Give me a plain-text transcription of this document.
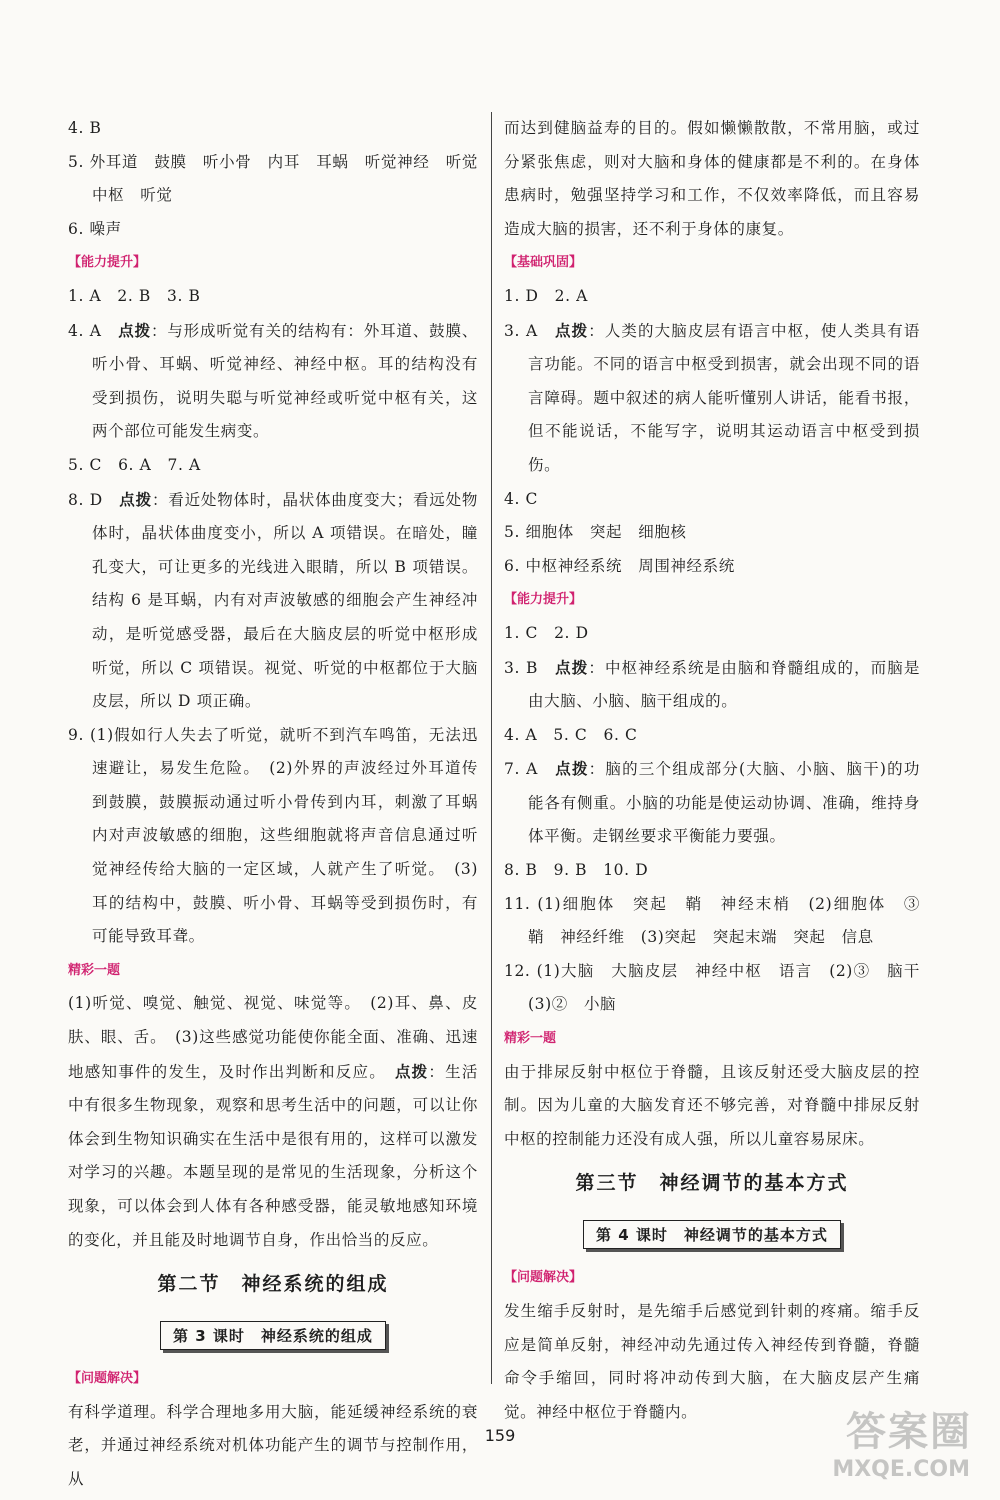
4. B
5. 外耳道　鼓膜　听小骨　内耳　耳蜗　听觉神经　听觉中枢　听觉
6. 噪声
【能力提升】
1. A　2. B　3. B
4. A　点拨：与形成听觉有关的结构有：外耳道、鼓膜、听小骨、耳蜗、听觉神经、神经中枢。耳的结构没有受到损伤，说明失聪与听觉神经或听觉中枢有关，这两个部位可能发生病变。
5. C　6. A　7. A
8. D　点拨：看近处物体时，晶状体曲度变大；看远处物体时，晶状体曲度变小，所以 A 项错误。在暗处，瞳孔变大，可让更多的光线进入眼睛，所以 B 项错误。结构 6 是耳蜗，内有对声波敏感的细胞会产生神经冲动，是听觉感受器，最后在大脑皮层的听觉中枢形成听觉，所以 C 项错误。视觉、听觉的中枢都位于大脑皮层，所以 D 项正确。
9. (1)假如行人失去了听觉，就听不到汽车鸣笛，无法迅速避让，易发生危险。　(2)外界的声波经过外耳道传到鼓膜，鼓膜振动通过听小骨传到内耳，刺激了耳蜗内对声波敏感的细胞，这些细胞就将声音信息通过听觉神经传给大脑的一定区域，人就产生了听觉。　(3)耳的结构中，鼓膜、听小骨、耳蜗等受到损伤时，有可能导致耳聋。
精彩一题
(1)听觉、嗅觉、触觉、视觉、味觉等。　(2)耳、鼻、皮肤、眼、舌。　(3)这些感觉功能使你能全面、准确、迅速地感知事件的发生，及时作出判断和反应。　点拨：生活中有很多生物现象，观察和思考生活中的问题，可以让你体会到生物知识确实在生活中是很有用的，这样可以激发对学习的兴趣。本题呈现的是常见的生活现象，分析这个现象，可以体会到人体有各种感受器，能灵敏地感知环境的变化，并且能及时地调节自身，作出恰当的反应。
第二节　神经系统的组成
第 3 课时　神经系统的组成
【问题解决】
有科学道理。科学合理地多用大脑，能延缓神经系统的衰老，并通过神经系统对机体功能产生的调节与控制作用，从
而达到健脑益寿的目的。假如懒懒散散，不常用脑，或过分紧张焦虑，则对大脑和身体的健康都是不利的。在身体患病时，勉强坚持学习和工作，不仅效率降低，而且容易造成大脑的损害，还不利于身体的康复。
【基础巩固】
1. D　2. A
3. A　点拨：人类的大脑皮层有语言中枢，使人类具有语言功能。不同的语言中枢受到损害，就会出现不同的语言障碍。题中叙述的病人能听懂别人讲话，能看书报，但不能说话，不能写字，说明其运动语言中枢受到损伤。
4. C
5. 细胞体　突起　细胞核
6. 中枢神经系统　周围神经系统
【能力提升】
1. C　2. D
3. B　点拨：中枢神经系统是由脑和脊髓组成的，而脑是由大脑、小脑、脑干组成的。
4. A　5. C　6. C
7. A　点拨：脑的三个组成部分(大脑、小脑、脑干)的功能各有侧重。小脑的功能是使运动协调、准确，维持身体平衡。走钢丝要求平衡能力要强。
8. B　9. B　10. D
11. (1)细胞体　突起　鞘　神经末梢　(2)细胞体　③　鞘　神经纤维　(3)突起　突起末端　突起　信息
12. (1)大脑　大脑皮层　神经中枢　语言　(2)③　脑干　(3)②　小脑
精彩一题
由于排尿反射中枢位于脊髓，且该反射还受大脑皮层的控制。因为儿童的大脑发育还不够完善，对脊髓中排尿反射中枢的控制能力还没有成人强，所以儿童容易尿床。
第三节　神经调节的基本方式
第 4 课时　神经调节的基本方式
【问题解决】
发生缩手反射时，是先缩手后感觉到针刺的疼痛。缩手反应是简单反射，神经冲动先通过传入神经传到脊髓，脊髓命令手缩回，同时将冲动传到大脑，在大脑皮层产生痛觉。神经中枢位于脊髓内。
159	答案圈
MXQE.COM
